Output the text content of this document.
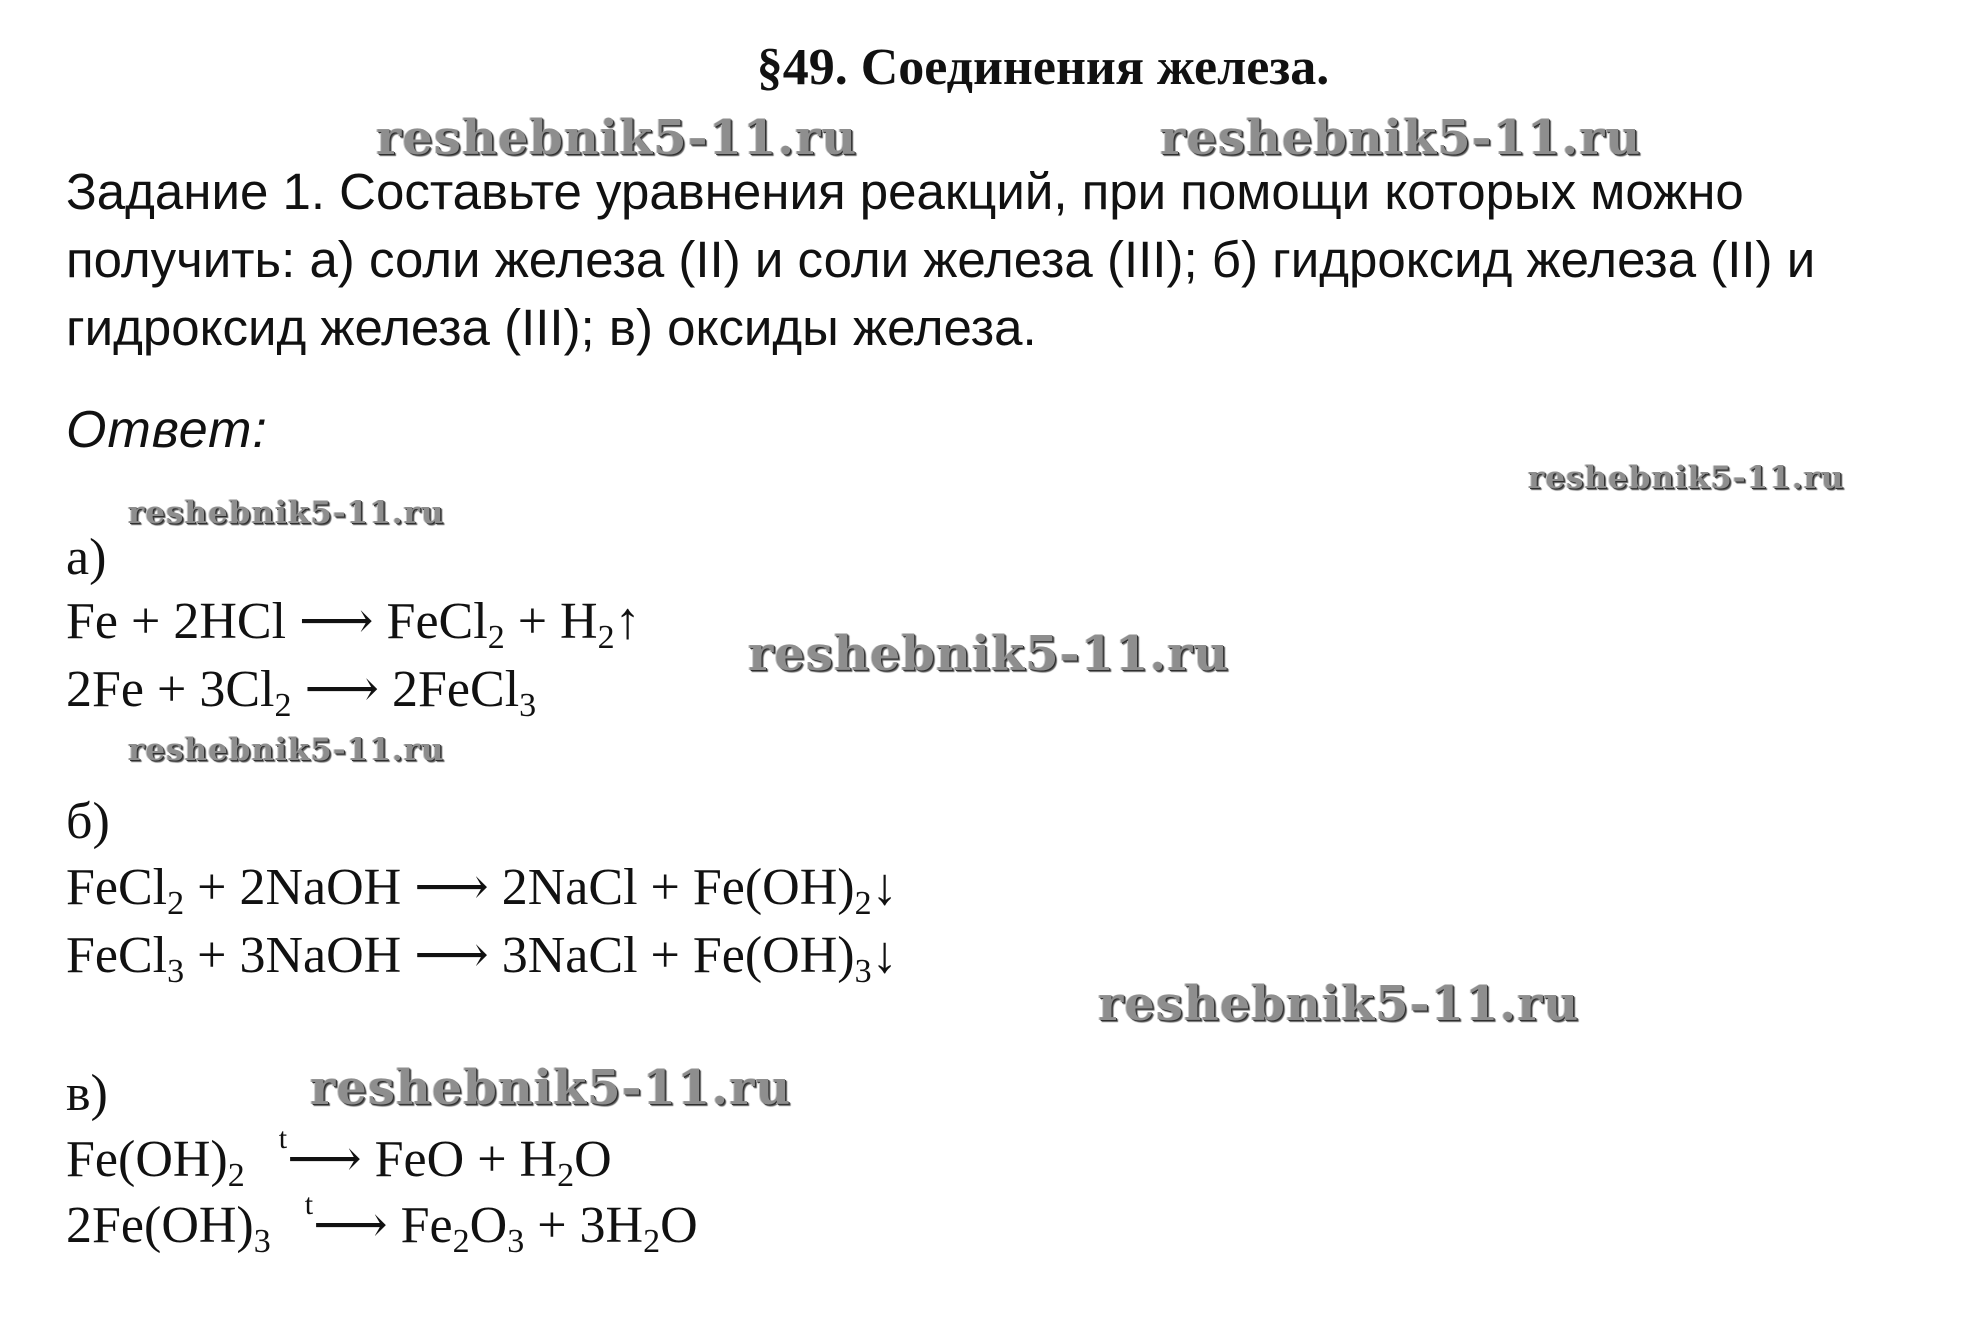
§49. Соединения железа.
reshebnik5-11.ru	reshebnik5-11.ru
reshebnik5-11.ru
reshebnik5-11.ru
reshebnik5-11.ru
reshebnik5-11.ru
reshebnik5-11.ru
reshebnik5-11.ru
Задание 1. Составьте уравнения реакций, при помощи которых можно
получить: а) соли железа (II) и соли железа (III); б) гидроксид железа (II) и
гидроксид железа (III); в) оксиды железа.
Ответ:
а)
Fe + 2HCl ⟶ FeCl$_2$ + $H_2↑$
$2Fe + 3Cl_2$ ⟶ 2FeCl$_3$
б)
FeCl$_2$ + 2NaOH ⟶ 2NaCl + $Fe(OH)_2↓$
FeCl$_3$ + 3NaOH ⟶ 3NaCl + $Fe(OH)_3↓$
в)
$Fe(OH)_2^t⟶$ FeO + $H_2O$
$2Fe(OH)_3^t⟶$ $Fe_2O_3 + 3H_2O$
